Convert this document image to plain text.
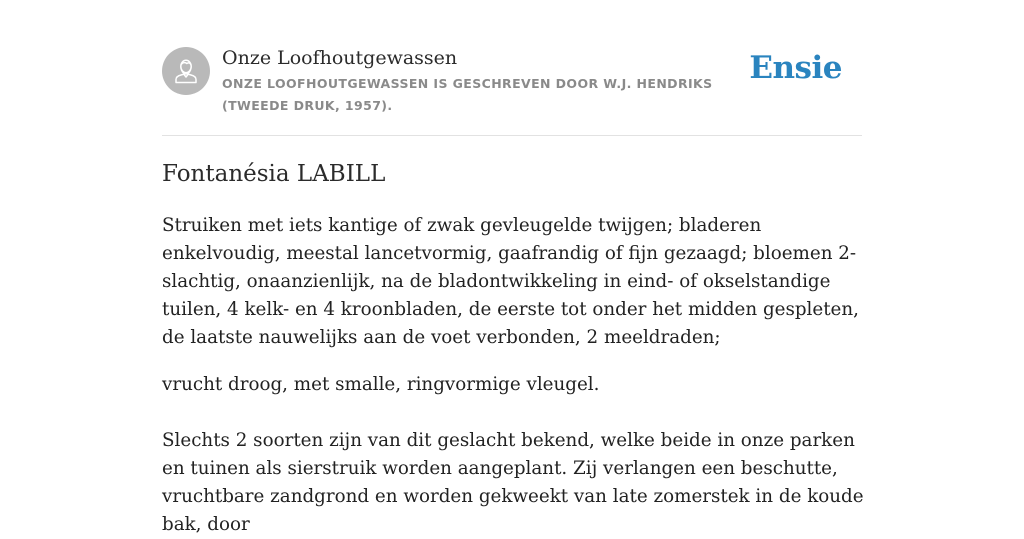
Onze Loofhoutgewassen
ONZE LOOFHOUTGEWASSEN IS GESCHREVEN DOOR W.J. HENDRIKS (TWEEDE DRUK, 1957).
Ensie
Fontanésia LABILL

Struiken met iets kantige of zwak gevleugelde twijgen; bladeren enkelvoudig, meestal lancetvormig, gaafrandig of fijn gezaagd; bloemen 2-slachtig, onaanzienlijk, na de bladontwikkeling in eind- of okselstandige tuilen, 4 kelk- en 4 kroonbladen, de eerste tot onder het midden gespleten, de laatste nauwelijks aan de voet verbonden, 2 meeldraden;

vrucht droog, met smalle, ringvormige vleugel.

Slechts 2 soorten zijn van dit geslacht bekend, welke beide in onze parken en tuinen als sierstruik worden aangeplant. Zij verlangen een beschutte, vruchtbare zandgrond en worden gekweekt van late zomerstek in de koude bak, door
